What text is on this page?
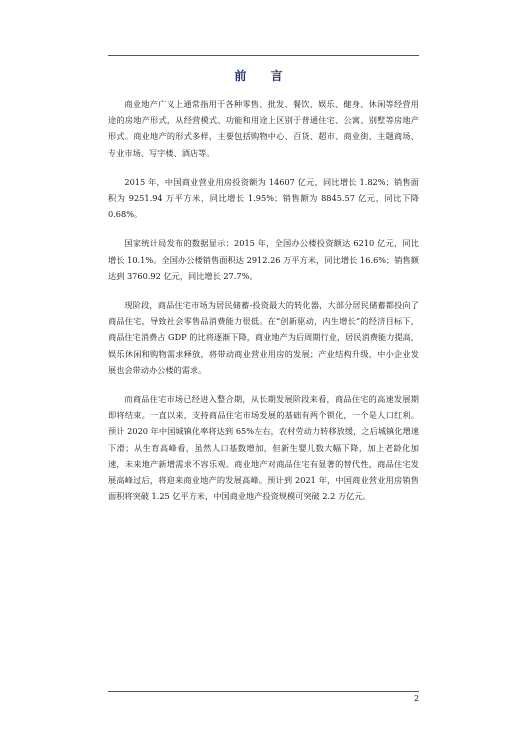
前 言

商业地产广义上通常指用于各种零售、批发、餐饮、娱乐、健身、休闲等经营用途的房地产形式，从经营模式、功能和用途上区别于普通住宅、公寓、别墅等房地产形式。商业地产的形式多样，主要包括购物中心、百货、超市、商业街、主题商场、专业市场、写字楼、酒店等。

2015 年，中国商业营业用房投资额为 14607 亿元，同比增长 1.82%；销售面积为 9251.94 万平方米，同比增长 1.95%；销售额为 8845.57 亿元，同比下降 0.68%。

国家统计局发布的数据显示：2015 年，全国办公楼投资额达 6210 亿元，同比增长 10.1%。全国办公楼销售面积达 2912.26 万平方米，同比增长 16.6%；销售额达到 3760.92 亿元，同比增长 27.7%。

现阶段，商品住宅市场为居民储蓄-投资最大的转化器，大部分居民储蓄都投向了商品住宅，导致社会零售品消费能力很低。在“创新驱动，内生增长”的经济目标下，商品住宅消费占 GDP 的比将逐渐下降，商业地产为后周期行业，居民消费能力提高，娱乐休闲和购物需求释放，将带动商业营业用房的发展；产业结构升级，中小企业发展也会带动办公楼的需求。

而商品住宅市场已经进入整合期，从长期发展阶段来看，商品住宅的高速发展期即将结束。一直以来，支持商品住宅市场发展的基础有两个锁化，一个是人口红利。预计 2020 年中国城镇化率将达到 65%左右，农村劳动力转移放缓，之后城镇化增速下滑；从生育高峰看，虽然人口基数增加，但新生婴儿数大幅下降，加上老龄化加速，未来地产新增需求不容乐观。商业地产对商品住宅有显著的替代性，商品住宅发展高峰过后，将迎来商业地产的发展高峰。预计到 2021 年，中国商业营业用房销售面积将突破 1.25 亿平方米，中国商业地产投资规模可突破 2.2 万亿元。

2
